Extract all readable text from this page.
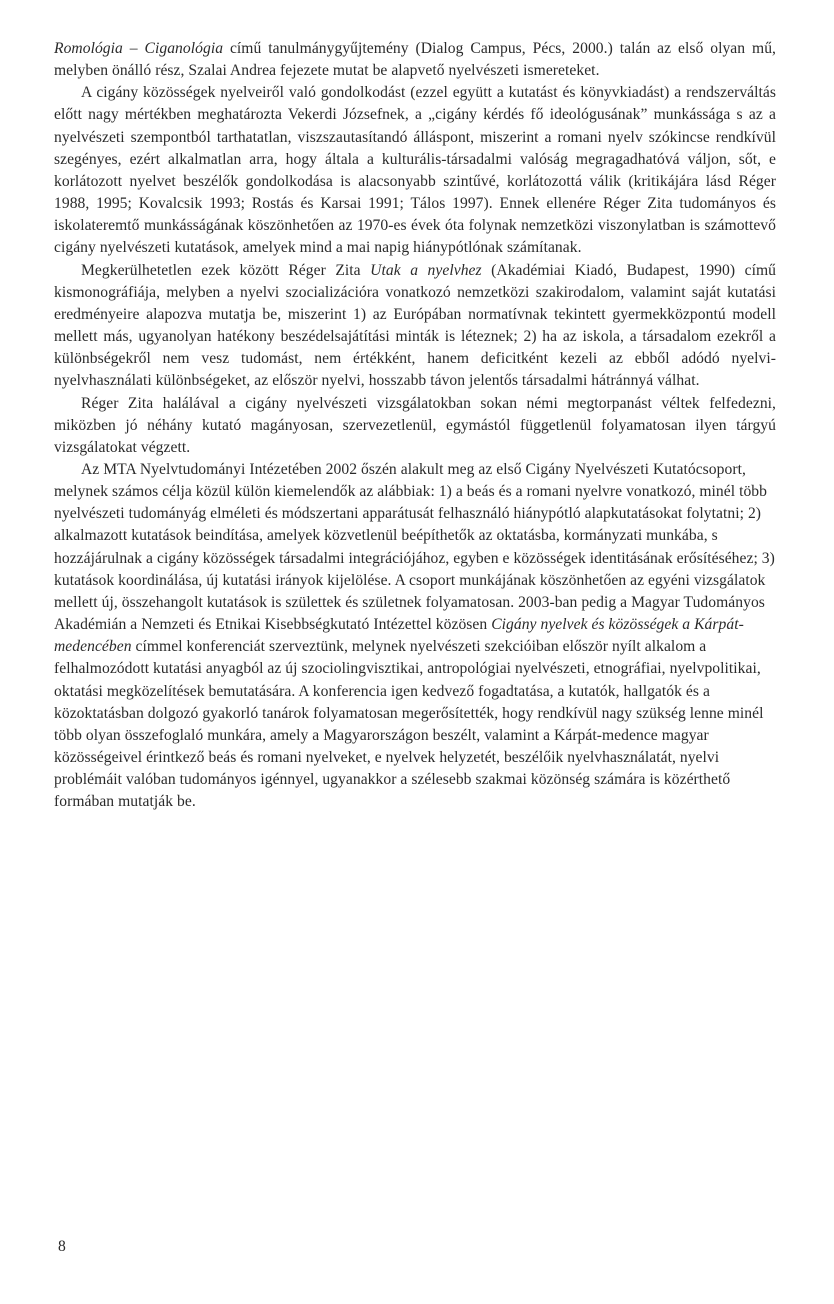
Romológia – Ciganológia című tanulmánygyűjtemény (Dialog Campus, Pécs, 2000.) talán az első olyan mű, melyben önálló rész, Szalai Andrea fejezete mutat be alapvető nyelvészeti ismereteket.

A cigány közösségek nyelveiről való gondolkodást (ezzel együtt a kutatást és könyvkiadást) a rendszerváltás előtt nagy mértékben meghatározta Vekerdi Józsefnek, a „cigány kérdés fő ideológusának” munkássága s az a nyelvészeti szempontból tarthatatlan, viszszautasítandó álláspont, miszerint a romani nyelv szókincse rendkívül szegényes, ezért alkalmatlan arra, hogy általa a kulturális-társadalmi valóság megragadhatóvá váljon, sőt, e korlátozott nyelvet beszélők gondolkodása is alacsonyabb szintűvé, korlátozottá válik (kritikájára lásd Réger 1988, 1995; Kovalcsik 1993; Rostás és Karsai 1991; Tálos 1997). Ennek ellenére Réger Zita tudományos és iskolateremtő munkásságának köszönhetően az 1970-es évek óta folynak nemzetközi viszonylatban is számottevő cigány nyelvészeti kutatások, amelyek mind a mai napig hiánypótlónak számítanak.

Megkerülhetetlen ezek között Réger Zita Utak a nyelvhez (Akadémiai Kiadó, Budapest, 1990) című kismonográfiája, melyben a nyelvi szocializációra vonatkozó nemzetközi szakirodalom, valamint saját kutatási eredményeire alapozva mutatja be, miszerint 1) az Európában normatívnak tekintett gyermekközpontú modell mellett más, ugyanolyan hatékony beszédelsajátítási minták is léteznek; 2) ha az iskola, a társadalom ezekről a különbségekről nem vesz tudomást, nem értékként, hanem deficitként kezeli az ebből adódó nyelvi-nyelvhasználati különbségeket, az először nyelvi, hosszabb távon jelentős társadalmi hátránnyá válhat.

Réger Zita halálával a cigány nyelvészeti vizsgálatokban sokan némi megtorpanást véltek felfedezni, miközben jó néhány kutató magányosan, szervezetlenül, egymástól függetlenül folyamatosan ilyen tárgyú vizsgálatokat végzett.

Az MTA Nyelvtudományi Intézetében 2002 őszén alakult meg az első Cigány Nyelvészeti Kutatócsoport, melynek számos célja közül külön kiemelendők az alábbiak: 1) a beás és a romani nyelvre vonatkozó, minél több nyelvészeti tudományág elméleti és módszertani apparátusát felhasználó hiánypótló alapkutatásokat folytatni; 2) alkalmazott kutatások beindítása, amelyek közvetlenül beépíthetők az oktatásba, kormányzati munkába, s hozzájárulnak a cigány közösségek társadalmi integrációjához, egyben e közösségek identitásának erősítéséhez; 3) kutatások koordinálása, új kutatási irányok kijelölése. A csoport munkájának köszönhetően az egyéni vizsgálatok mellett új, összehangolt kutatások is születtek és születnek folyamatosan. 2003-ban pedig a Magyar Tudományos Akadémián a Nemzeti és Etnikai Kisebbségkutató Intézettel közösen Cigány nyelvek és közösségek a Kárpát-medencében címmel konferenciát szerveztünk, melynek nyelvészeti szekcióiban először nyílt alkalom a felhalmozódott kutatási anyagból az új szociolingvisztikai, antropológiai nyelvészeti, etnográfiai, nyelvpolitikai, oktatási megközelítések bemutatására. A konferencia igen kedvező fogadtatása, a kutatók, hallgatók és a közoktatásban dolgozó gyakorló tanárok folyamatosan megerősítették, hogy rendkívül nagy szükség lenne minél több olyan összefoglaló munkára, amely a Magyarországon beszélt, valamint a Kárpát-medence magyar közösségeivel érintkező beás és romani nyelveket, e nyelvek helyzetét, beszélőik nyelvhasználatát, nyelvi problémáit valóban tudományos igénnyel, ugyanakkor a szélesebb szakmai közönség számára is közérthető formában mutatják be.

8
